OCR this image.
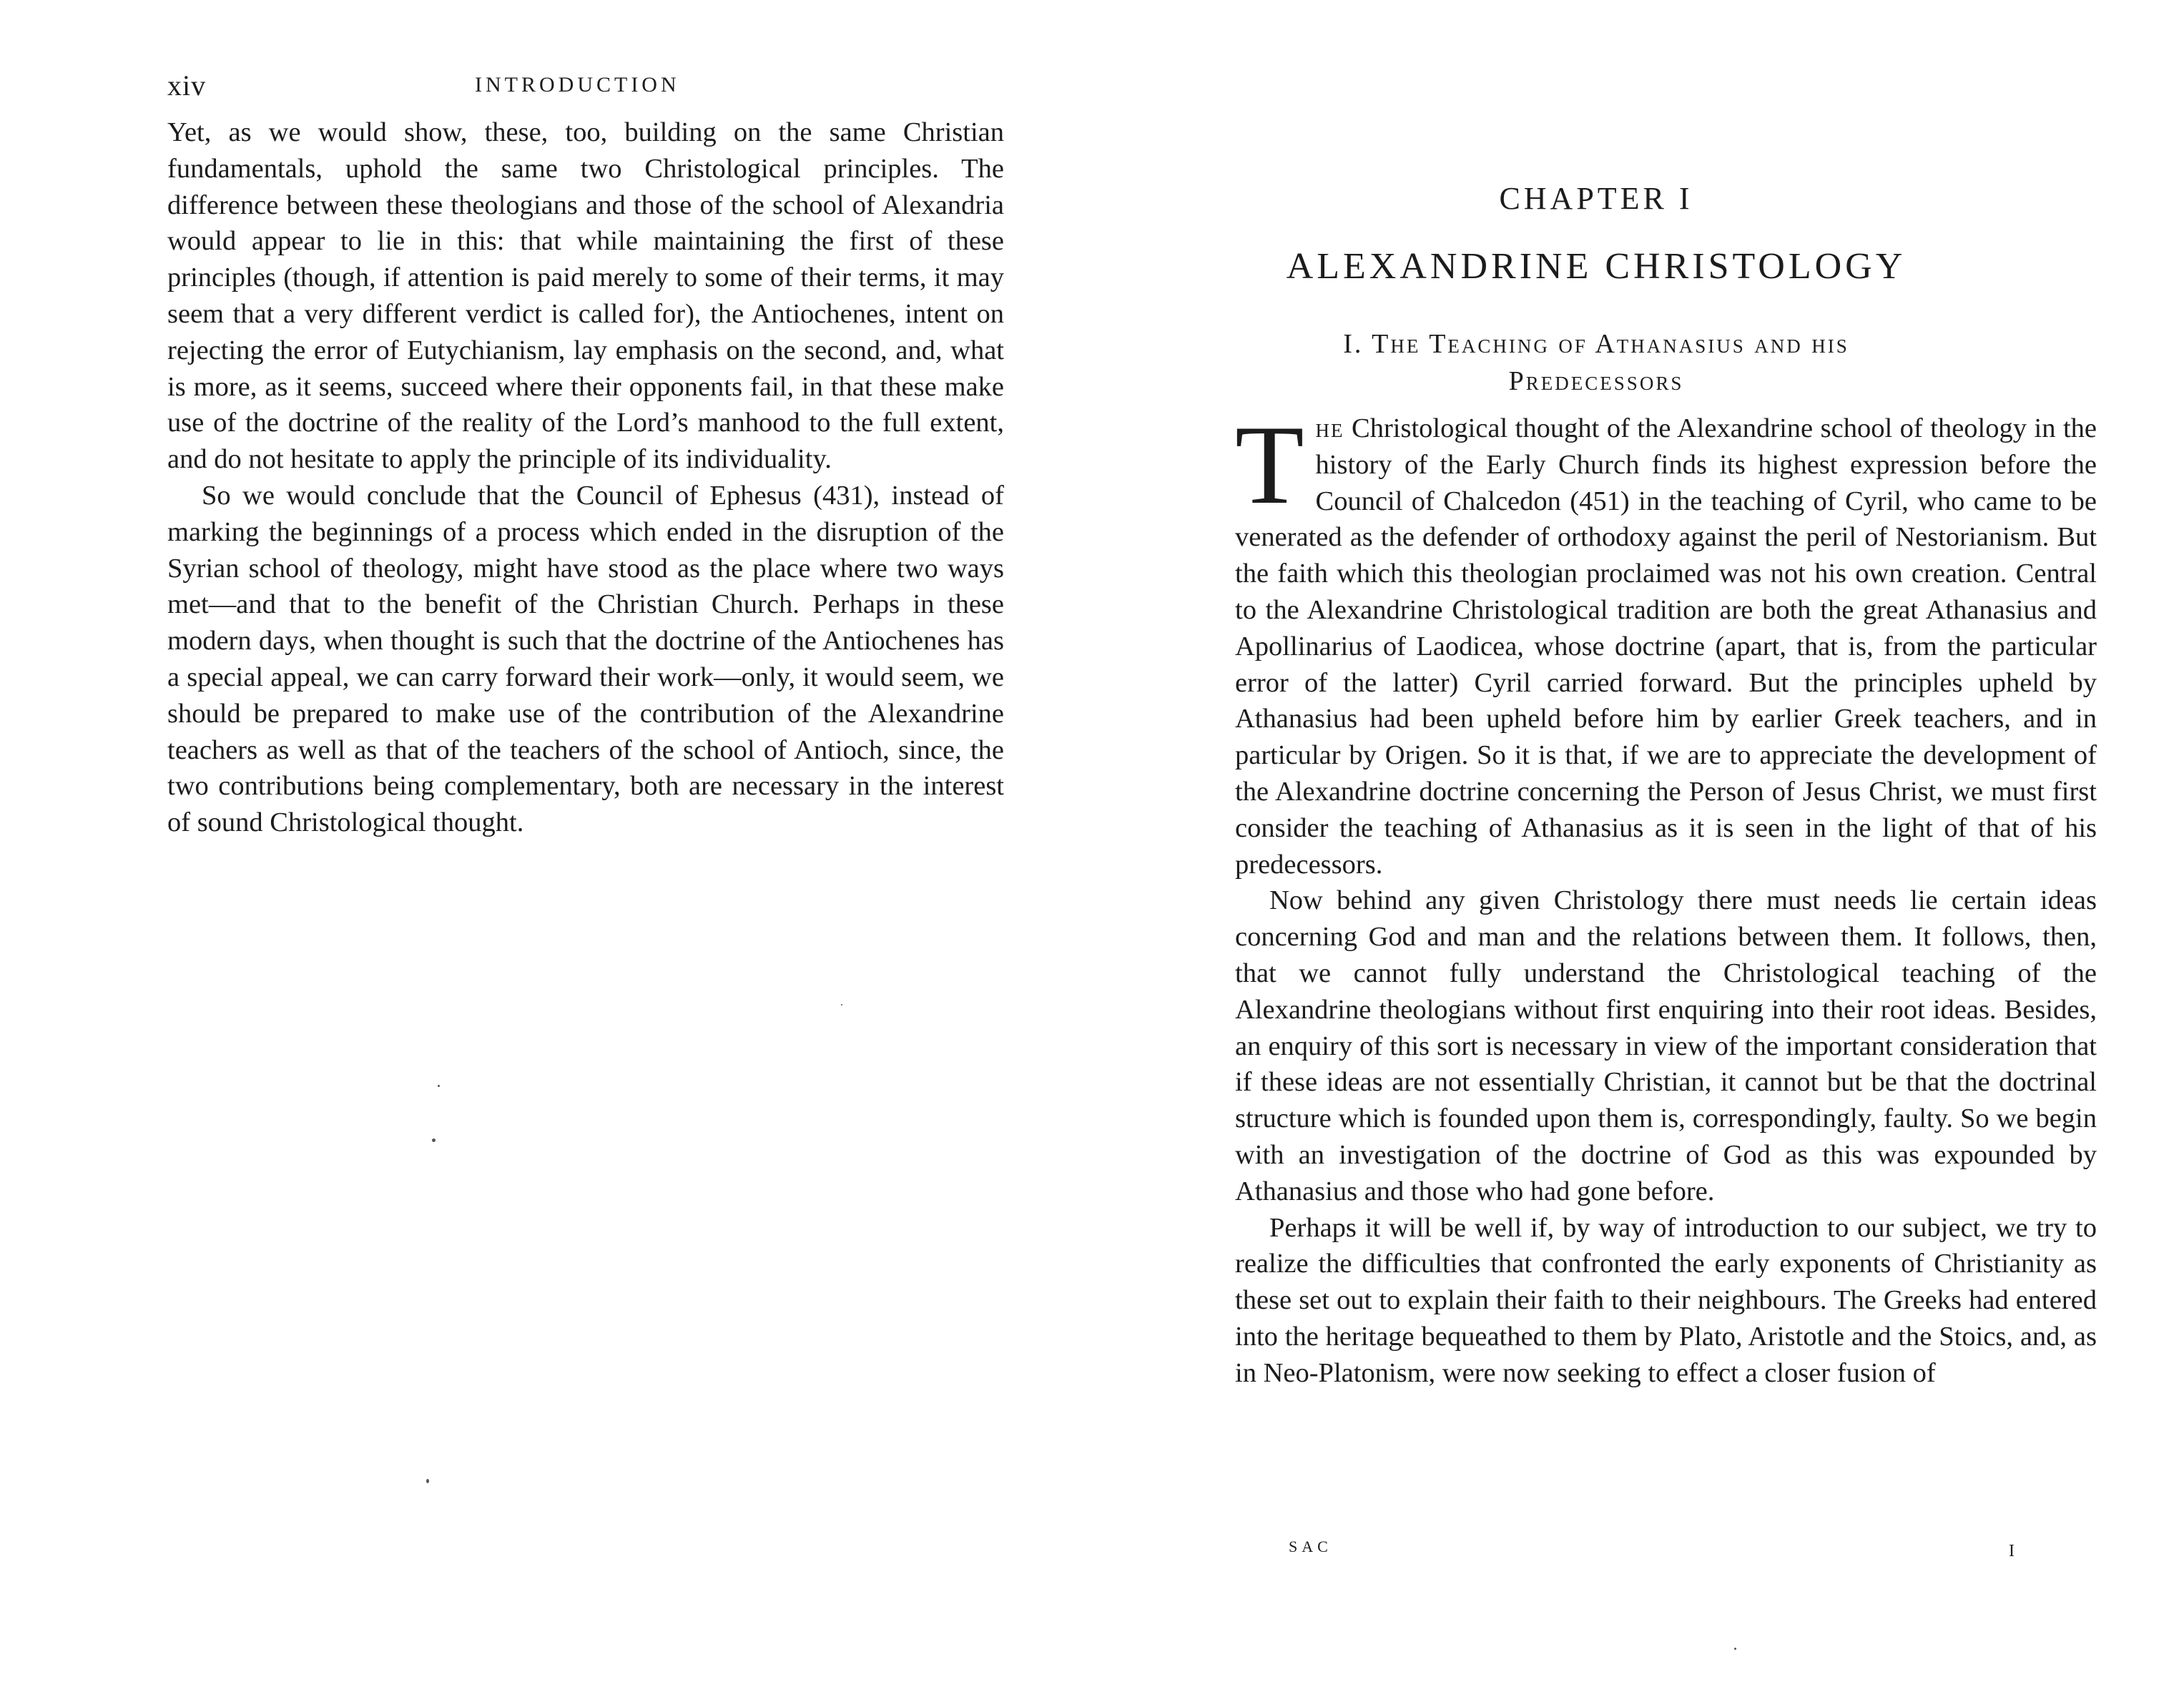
xiv	INTRODUCTION

Yet, as we would show, these, too, building on the same Christian fundamentals, uphold the same two Christological principles. The difference between these theologians and those of the school of Alexandria would appear to lie in this: that while maintaining the first of these principles (though, if attention is paid merely to some of their terms, it may seem that a very different verdict is called for), the Antiochenes, intent on rejecting the error of Eutychianism, lay emphasis on the second, and, what is more, as it seems, succeed where their opponents fail, in that these make use of the doctrine of the reality of the Lord’s manhood to the full extent, and do not hesitate to apply the principle of its individuality.

So we would conclude that the Council of Ephesus (431), instead of marking the beginnings of a process which ended in the disruption of the Syrian school of theology, might have stood as the place where two ways met—and that to the benefit of the Christian Church. Perhaps in these modern days, when thought is such that the doctrine of the Antiochenes has a special appeal, we can carry forward their work—only, it would seem, we should be prepared to make use of the contribution of the Alexandrine teachers as well as that of the teachers of the school of Antioch, since, the two contributions being complementary, both are necessary in the interest of sound Christological thought.

CHAPTER I
ALEXANDRINE CHRISTOLOGY
I. The Teaching of Athanasius and his
Predecessors

The Christological thought of the Alexandrine school of theology in the history of the Early Church finds its highest expression before the Council of Chalcedon (451) in the teaching of Cyril, who came to be venerated as the defender of orthodoxy against the peril of Nestorianism. But the faith which this theologian proclaimed was not his own creation. Central to the Alexandrine Christological tradition are both the great Athanasius and Apollinarius of Laodicea, whose doctrine (apart, that is, from the particular error of the latter) Cyril carried forward. But the principles upheld by Athanasius had been upheld before him by earlier Greek teachers, and in particular by Origen. So it is that, if we are to appreciate the development of the Alexandrine doctrine concerning the Person of Jesus Christ, we must first consider the teaching of Athanasius as it is seen in the light of that of his predecessors.

Now behind any given Christology there must needs lie certain ideas concerning God and man and the relations between them. It follows, then, that we cannot fully understand the Christological teaching of the Alexandrine theologians without first enquiring into their root ideas. Besides, an enquiry of this sort is necessary in view of the important consideration that if these ideas are not essentially Christian, it cannot but be that the doctrinal structure which is founded upon them is, correspondingly, faulty. So we begin with an investigation of the doctrine of God as this was expounded by Athanasius and those who had gone before.

Perhaps it will be well if, by way of introduction to our subject, we try to realize the difficulties that confronted the early exponents of Christianity as these set out to explain their faith to their neighbours. The Greeks had entered into the heritage bequeathed to them by Plato, Aristotle and the Stoics, and, as in Neo-Platonism, were now seeking to effect a closer fusion of

SAC	I
